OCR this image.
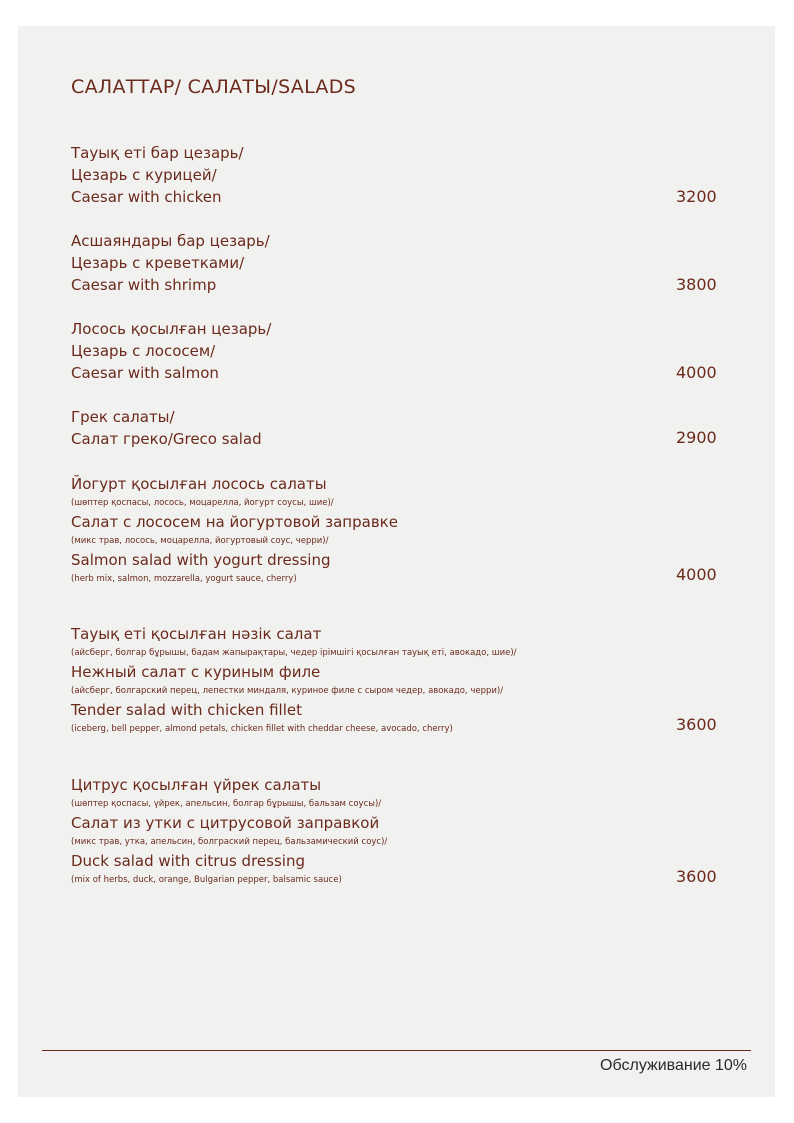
САЛАТТАР/ САЛАТЫ/SALADS
Тауық еті бар цезарь/
Цезарь с курицей/
Caesar with chicken	3200
Асшаяндары бар цезарь/
Цезарь с креветками/
Caesar with shrimp	3800
Лосось қосылған цезарь/
Цезарь с лососем/
Caesar with salmon	4000
Грек салаты/
Салат греко/Greco salad	2900
Йогурт қосылған лосось салаты
(шөптер қоспасы, лосось, моцарелла, йогурт соусы, шие)/
Салат с лососем на йогуртовой заправке
(микс трав, лосось, моцарелла, йогуртовый соус, черри)/
Salmon salad with yogurt dressing
(herb mix, salmon, mozzarella, yogurt sauce, cherry)	4000
Тауық еті қосылған нәзік салат
(айсберг, болгар бұрышы, бадам жапырақтары, чедер ірімшігі қосылған тауық еті, авокадо, шие)/
Нежный салат с куриным филе
(айсберг, болгарский перец, лепестки миндаля, куриное филе с сыром чедер, авокадо, черри)/
Tender salad with chicken fillet
(iceberg, bell pepper, almond petals, chicken fillet with cheddar cheese, avocado, cherry)	3600
Цитрус қосылған үйрек салаты
(шөптер қоспасы, үйрек, апельсин, болгар бұрышы, бальзам соусы)/
Салат из утки с цитрусовой заправкой
(микс трав, утка, апельсин, болграский перец, бальзамический соус)/
Duck salad with citrus dressing
(mix of herbs, duck, orange, Bulgarian pepper, balsamic sauce)	3600
Обслуживание 10%
